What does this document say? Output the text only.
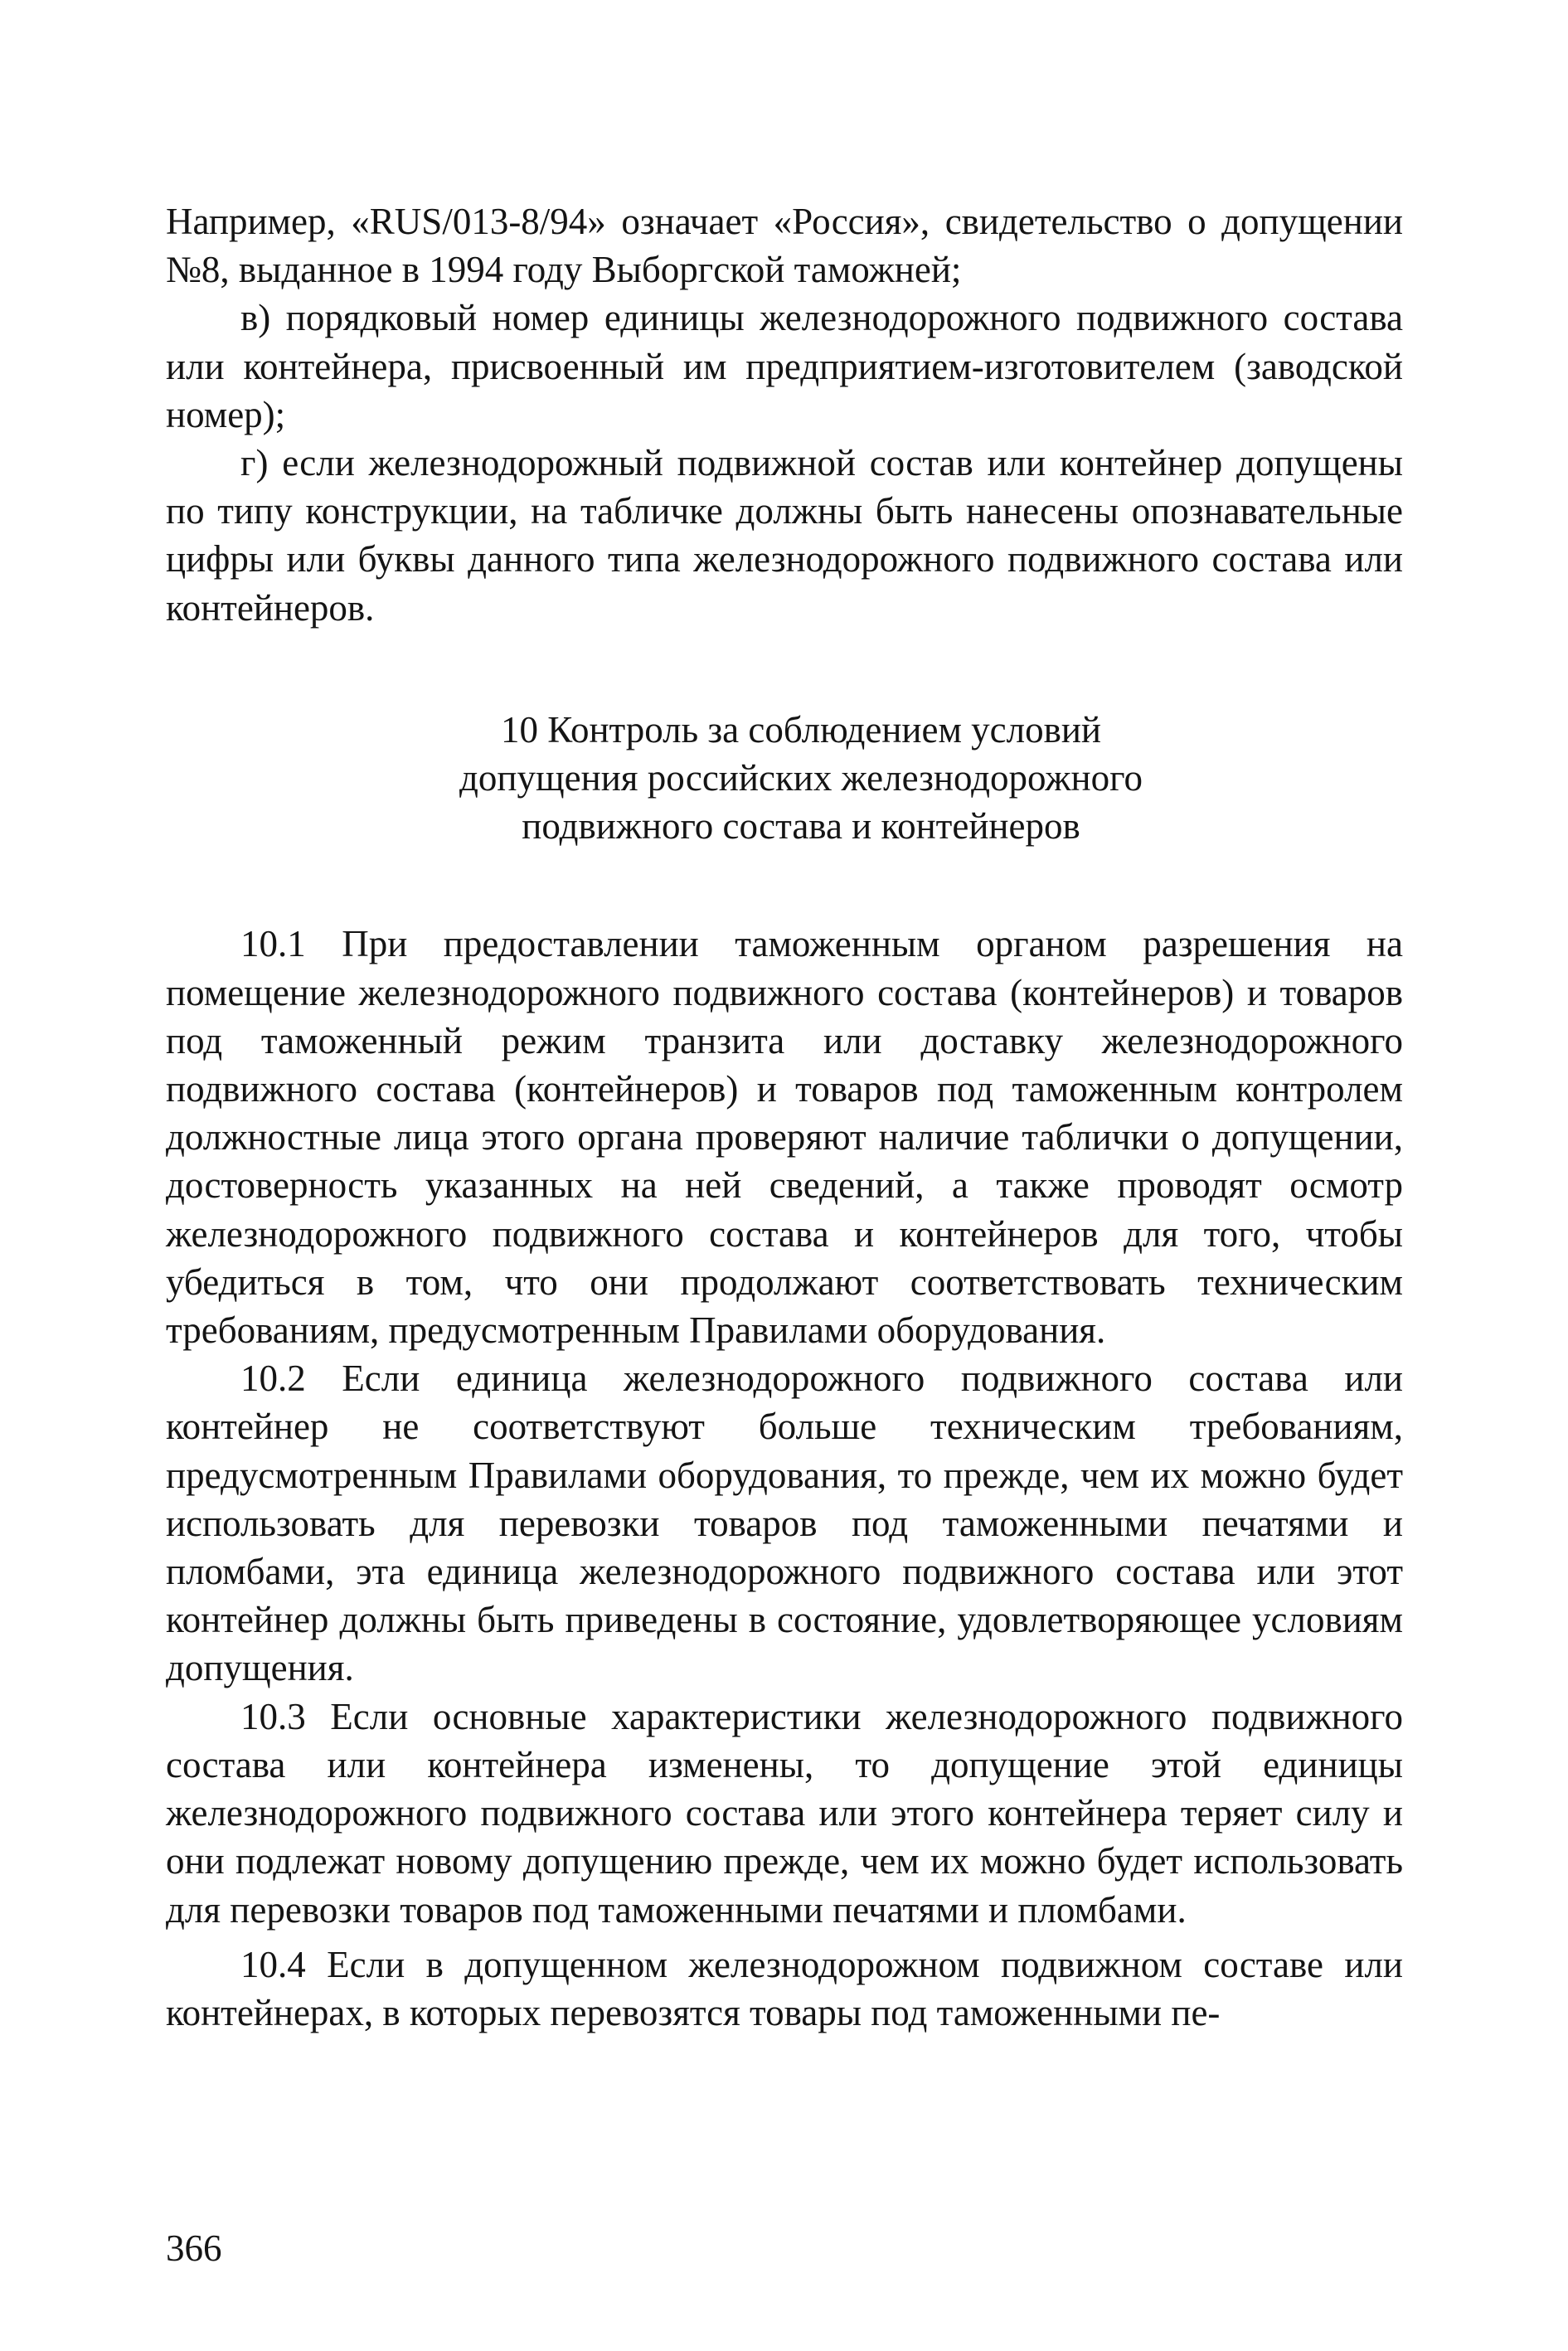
Например, «RUS/013-8/94» означает «Россия», свидетельство о допущении №8, выданное в 1994 году Выборгской таможней;

в) порядковый номер единицы железнодорожного подвижного состава или контейнера, присвоенный им предприятием-изготовителем (заводской номер);

г) если железнодорожный подвижной состав или контейнер допущены по типу конструкции, на табличке должны быть нанесены опознавательные цифры или буквы данного типа железнодорожного подвижного состава или контейнеров.

10 Контроль за соблюдением условий
допущения российских железнодорожного
подвижного состава и контейнеров

10.1 При предоставлении таможенным органом разрешения на помещение железнодорожного подвижного состава (контейнеров) и товаров под таможенный режим транзита или доставку железнодорожного подвижного состава (контейнеров) и товаров под таможенным контролем должностные лица этого органа проверяют наличие таблички о допущении, достоверность указанных на ней сведений, а также проводят осмотр железнодорожного подвижного состава и контейнеров для того, чтобы убедиться в том, что они продолжают соответствовать техническим требованиям, предусмотренным Правилами оборудования.

10.2 Если единица железнодорожного подвижного состава или контейнер не соответствуют больше техническим требованиям, предусмотренным Правилами оборудования, то прежде, чем их можно будет использовать для перевозки товаров под таможенными печатями и пломбами, эта единица железнодорожного подвижного состава или этот контейнер должны быть приведены в состояние, удовлетворяющее условиям допущения.

10.3 Если основные характеристики железнодорожного подвижного состава или контейнера изменены, то допущение этой единицы железнодорожного подвижного состава или этого контейнера теряет силу и они подлежат новому допущению прежде, чем их можно будет использовать для перевозки товаров под таможенными печатями и пломбами.

10.4 Если в допущенном железнодорожном подвижном составе или контейнерах, в которых перевозятся товары под таможенными пе-

366
